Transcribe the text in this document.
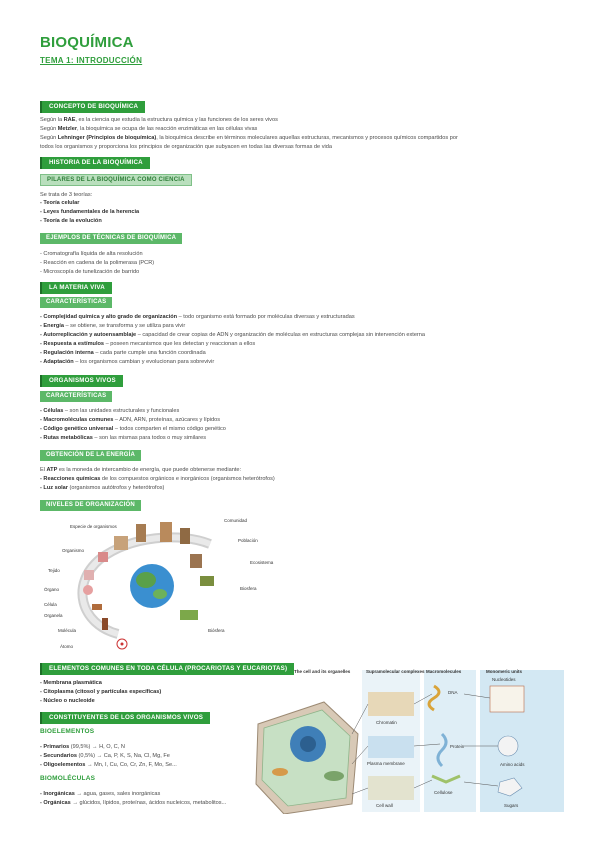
BIOQUÍMICA
TEMA 1: INTRODUCCIÓN
CONCEPTO DE BIOQUÍMICA
Según la RAE, es la ciencia que estudia la estructura química y las funciones de los seres vivos
Según Metzler, la bioquímica se ocupa de las reacción enzimáticas en las células vivas
Según Lehninger (Principios de bioquímica), la bioquímica describe en términos moleculares aquellas estructuras, mecanismos y procesos químicos compartidos por
todos los organismos y proporciona los principios de organización que subyacen en todas las diversas formas de vida
HISTORIA DE LA BIOQUÍMICA
PILARES DE LA BIOQUÍMICA COMO CIENCIA
Se trata de 3 teorías:
- Teoría celular
- Leyes fundamentales de la herencia
- Teoría de la evolución
EJEMPLOS DE TÉCNICAS DE BIOQUÍMICA
- Cromatografía líquida de alta resolución
- Reacción en cadena de la polimerasa (PCR)
- Microscopía de tunelización de barrido
LA MATERIA VIVA
CARACTERÍSTICAS
- Complejidad química y alto grado de organización – todo organismo está formado por moléculas diversas y estructuradas
- Energía – se obtiene, se transforma y se utiliza para vivir
- Autorreplicación y autoensamblaje – capacidad de crear copias de ADN y organización de moléculas en estructuras complejas sin intervención externa
- Respuesta a estímulos – poseen mecanismos que les detectan y reaccionan a ellos
- Regulación interna – cada parte cumple una función coordinada
- Adaptación – los organismos cambian y evolucionan para sobrevivir
ORGANISMOS VIVOS
CARACTERÍSTICAS
- Células – son las unidades estructurales y funcionales
- Macromoléculas comunes – ADN, ARN, proteínas, azúcares y lípidos
- Código genético universal – todos comparten el mismo código genético
- Rutas metabólicas – son las mismas para todos o muy similares
OBTENCIÓN DE LA ENERGÍA
El ATP es la moneda de intercambio de energía, que puede obtenerse mediante:
- Reacciones químicas de los compuestos orgánicos e inorgánicos (organismos heterótrofos)
- Luz solar (organismos autótrofos y heterótrofos)
NIVELES DE ORGANIZACIÓN
Especie de organismos
Organismo
Tejido
Órgano
Célula
Organela
Molécula
Átomo
Comunidad
Población
Ecosistema
Biosfera
Biósfera
ELEMENTOS COMUNES EN TODA CÉLULA (PROCARIOTAS Y EUCARIOTAS)
- Membrana plasmática
- Citoplasma (citosol y partículas específicas)
- Núcleo o nucleoide
CONSTITUYENTES DE LOS ORGANISMOS VIVOS
BIOELEMENTOS
- Primarios (99,5%) → H, O, C, N
- Secundarios (0,5%) → Ca, P, K, S, Na, Cl, Mg, Fe
- Oligoelementos → Mn, I, Cu, Co, Cr, Zn, F, Mo, Se...
BIOMOLÉCULAS
- Inorgánicas → agua, gases, sales inorgánicas
- Orgánicas → glúcidos, lípidos, proteínas, ácidos nucleicos, metabolitos...
The cell and its organelles	Supramolecular complexes Macromolecules	Monomeric units
Chromatin
Plasma membrane
Cell wall
DNA
Protein
Cellulose
Nucleotides
Amino acids
Sugars
